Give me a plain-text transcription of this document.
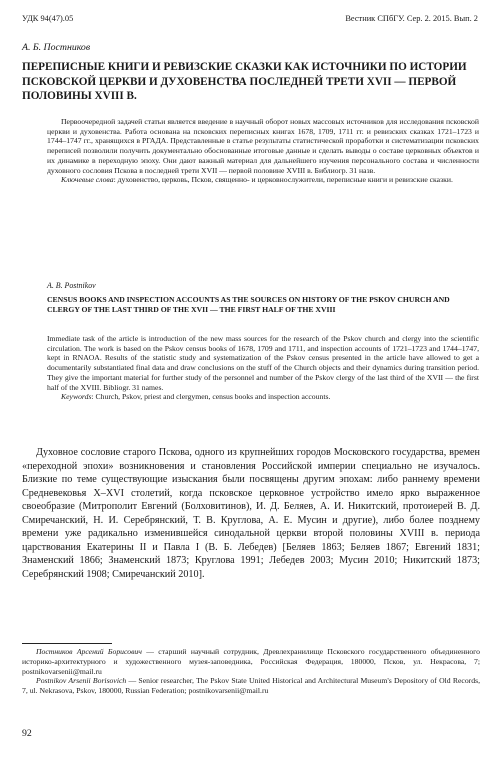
УДК 94(47).05	Вестник СПбГУ. Сер. 2. 2015. Вып. 2
А. Б. Постников
ПЕРЕПИСНЫЕ КНИГИ И РЕВИЗСКИЕ СКАЗКИ КАК ИСТОЧНИКИ ПО ИСТОРИИ ПСКОВСКОЙ ЦЕРКВИ И ДУХОВЕНСТВА ПОСЛЕДНЕЙ ТРЕТИ XVII — ПЕРВОЙ ПОЛОВИНЫ XVIII В.

Первоочередной задачей статьи является введение в научный оборот новых массовых источников для исследования псковской церкви и духовенства. Работа основана на псковских переписных книгах 1678, 1709, 1711 гг. и ревизских сказках 1721–1723 и 1744–1747 гг., хранящихся в РГАДА. Представленные в статье результаты статистической проработки и систематизации псковских переписей позволили получить документально обоснованные итоговые данные и сделать выводы о составе церковных объектов и их динамике в переходную эпоху. Они дают важный материал для дальнейшего изучения персонального состава и численности духовного сословия Пскова в последней трети XVII — первой половине XVIII в. Библиогр. 31 назв.

Ключевые слова: духовенство, церковь, Псков, священно- и церковнослужители, переписные книги и ревизские сказки.

A. B. Postnikov
CENSUS BOOKS AND INSPECTION ACCOUNTS AS THE SOURCES ON HISTORY OF THE PSKOV CHURCH AND CLERGY OF THE LAST THIRD OF THE XVII — THE FIRST HALF OF THE XVIII

Immediate task of the article is introduction of the new mass sources for the research of the Pskov church and clergy into the scientific circulation. The work is based on the Pskov census books of 1678, 1709 and 1711, and inspection accounts of 1721–1723 and 1744–1747, kept in RNAOA. Results of the statistic study and systematization of the Pskov census presented in the article have allowed to get a documentarily substantiated final data and draw conclusions on the stuff of the Church objects and their dynamics during transition period. They give the important material for further study of the personnel and number of the Pskov clergy of the last third of the XVII — the first half of the XVIII. Bibliogr. 31 names.

Keywords: Church, Pskov, priest and clergymen, census books and inspection accounts.

Духовное сословие старого Пскова, одного из крупнейших городов Московского государства, времен «переходной эпохи» возникновения и становления Российской империи специально не изучалось. Близкие по теме существующие изыскания были посвящены другим эпохам: либо раннему времени Средневековья X–XVI столетий, когда псковское церковное устройство имело ярко выраженное своеобразие (Митрополит Евгений (Болховитинов), И. Д. Беляев, А. И. Никитский, протоиерей В. Д. Смиречанский, Н. И. Серебрянский, Т. В. Круглова, А. Е. Мусин и другие), либо более позднему времени уже радикально изменившейся синодальной церкви второй половины XVIII в. периода царствования Екатерины II и Павла I (В. Б. Лебедев) [Беляев 1863; Беляев 1867; Евгений 1831; Знаменский 1866; Знаменский 1873; Круглова 1991; Лебедев 2003; Мусин 2010; Никитский 1873; Серебрянский 1908; Смиречанский 2010].

Постников Арсений Борисович — старший научный сотрудник, Древлехранилище Псковского государственного объединенного историко-архитектурного и художественного музея-заповедника, Российская Федерация, 180000, Псков, ул. Некрасова, 7; postnikovarsenii@mail.ru

Postnikov Arsenii Borisovich — Senior researcher, The Pskov State United Historical and Architectural Museum's Depository of Old Records, 7, ul. Nekrasova, Pskov, 180000, Russian Federation; postnikovarsenii@mail.ru

92
